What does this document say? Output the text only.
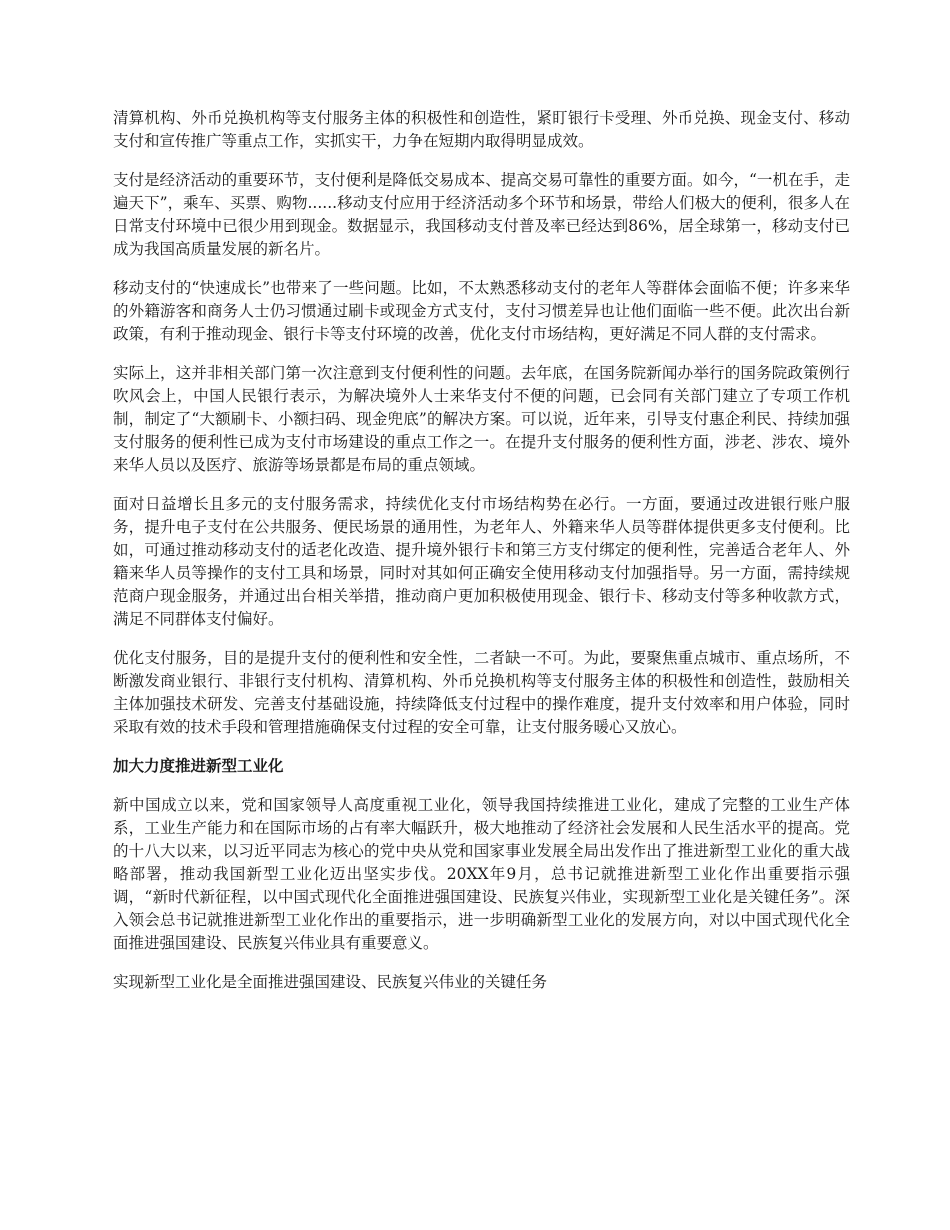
清算机构、外币兑换机构等支付服务主体的积极性和创造性，紧盯银行卡受理、外币兑换、现金支付、移动支付和宣传推广等重点工作，实抓实干，力争在短期内取得明显成效。

支付是经济活动的重要环节，支付便利是降低交易成本、提高交易可靠性的重要方面。如今，“一机在手，走遍天下”，乘车、买票、购物......移动支付应用于经济活动多个环节和场景，带给人们极大的便利，很多人在日常支付环境中已很少用到现金。数据显示，我国移动支付普及率已经达到86%，居全球第一，移动支付已成为我国高质量发展的新名片。

移动支付的“快速成长”也带来了一些问题。比如，不太熟悉移动支付的老年人等群体会面临不便；许多来华的外籍游客和商务人士仍习惯通过刷卡或现金方式支付，支付习惯差异也让他们面临一些不便。此次出台新政策，有利于推动现金、银行卡等支付环境的改善，优化支付市场结构，更好满足不同人群的支付需求。

实际上，这并非相关部门第一次注意到支付便利性的问题。去年底，在国务院新闻办举行的国务院政策例行吹风会上，中国人民银行表示，为解决境外人士来华支付不便的问题，已会同有关部门建立了专项工作机制，制定了“大额刷卡、小额扫码、现金兜底”的解决方案。可以说，近年来，引导支付惠企利民、持续加强支付服务的便利性已成为支付市场建设的重点工作之一。在提升支付服务的便利性方面，涉老、涉农、境外来华人员以及医疗、旅游等场景都是布局的重点领域。

面对日益增长且多元的支付服务需求，持续优化支付市场结构势在必行。一方面，要通过改进银行账户服务，提升电子支付在公共服务、便民场景的通用性，为老年人、外籍来华人员等群体提供更多支付便利。比如，可通过推动移动支付的适老化改造、提升境外银行卡和第三方支付绑定的便利性，完善适合老年人、外籍来华人员等操作的支付工具和场景，同时对其如何正确安全使用移动支付加强指导。另一方面，需持续规范商户现金服务，并通过出台相关举措，推动商户更加积极使用现金、银行卡、移动支付等多种收款方式，满足不同群体支付偏好。

优化支付服务，目的是提升支付的便利性和安全性，二者缺一不可。为此，要聚焦重点城市、重点场所，不断激发商业银行、非银行支付机构、清算机构、外币兑换机构等支付服务主体的积极性和创造性，鼓励相关主体加强技术研发、完善支付基础设施，持续降低支付过程中的操作难度，提升支付效率和用户体验，同时采取有效的技术手段和管理措施确保支付过程的安全可靠，让支付服务暖心又放心。

加大力度推进新型工业化

新中国成立以来，党和国家领导人高度重视工业化，领导我国持续推进工业化，建成了完整的工业生产体系，工业生产能力和在国际市场的占有率大幅跃升，极大地推动了经济社会发展和人民生活水平的提高。党的十八大以来，以习近平同志为核心的党中央从党和国家事业发展全局出发作出了推进新型工业化的重大战略部署，推动我国新型工业化迈出坚实步伐。20XX年9月，总书记就推进新型工业化作出重要指示强调，“新时代新征程，以中国式现代化全面推进强国建设、民族复兴伟业，实现新型工业化是关键任务”。深入领会总书记就推进新型工业化作出的重要指示，进一步明确新型工业化的发展方向，对以中国式现代化全面推进强国建设、民族复兴伟业具有重要意义。

实现新型工业化是全面推进强国建设、民族复兴伟业的关键任务
